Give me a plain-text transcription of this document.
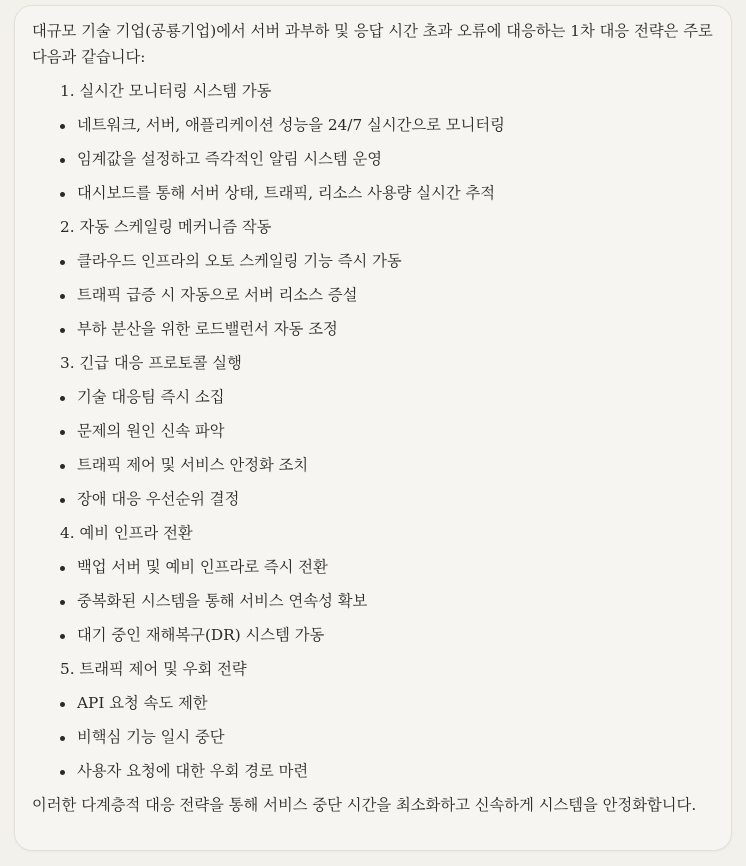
대규모 기술 기업(공룡기업)에서 서버 과부하 및 응답 시간 초과 오류에 대응하는 1차 대응 전략은 주로 다음과 같습니다:

1. 실시간 모니터링 시스템 가동
네트워크, 서버, 애플리케이션 성능을 24/7 실시간으로 모니터링
임계값을 설정하고 즉각적인 알림 시스템 운영
대시보드를 통해 서버 상태, 트래픽, 리소스 사용량 실시간 추적
2. 자동 스케일링 메커니즘 작동
클라우드 인프라의 오토 스케일링 기능 즉시 가동
트래픽 급증 시 자동으로 서버 리소스 증설
부하 분산을 위한 로드밸런서 자동 조정
3. 긴급 대응 프로토콜 실행
기술 대응팀 즉시 소집
문제의 원인 신속 파악
트래픽 제어 및 서비스 안정화 조치
장애 대응 우선순위 결정
4. 예비 인프라 전환
백업 서버 및 예비 인프라로 즉시 전환
중복화된 시스템을 통해 서비스 연속성 확보
대기 중인 재해복구(DR) 시스템 가동
5. 트래픽 제어 및 우회 전략
API 요청 속도 제한
비핵심 기능 일시 중단
사용자 요청에 대한 우회 경로 마련

이러한 다계층적 대응 전략을 통해 서비스 중단 시간을 최소화하고 신속하게 시스템을 안정화합니다.
